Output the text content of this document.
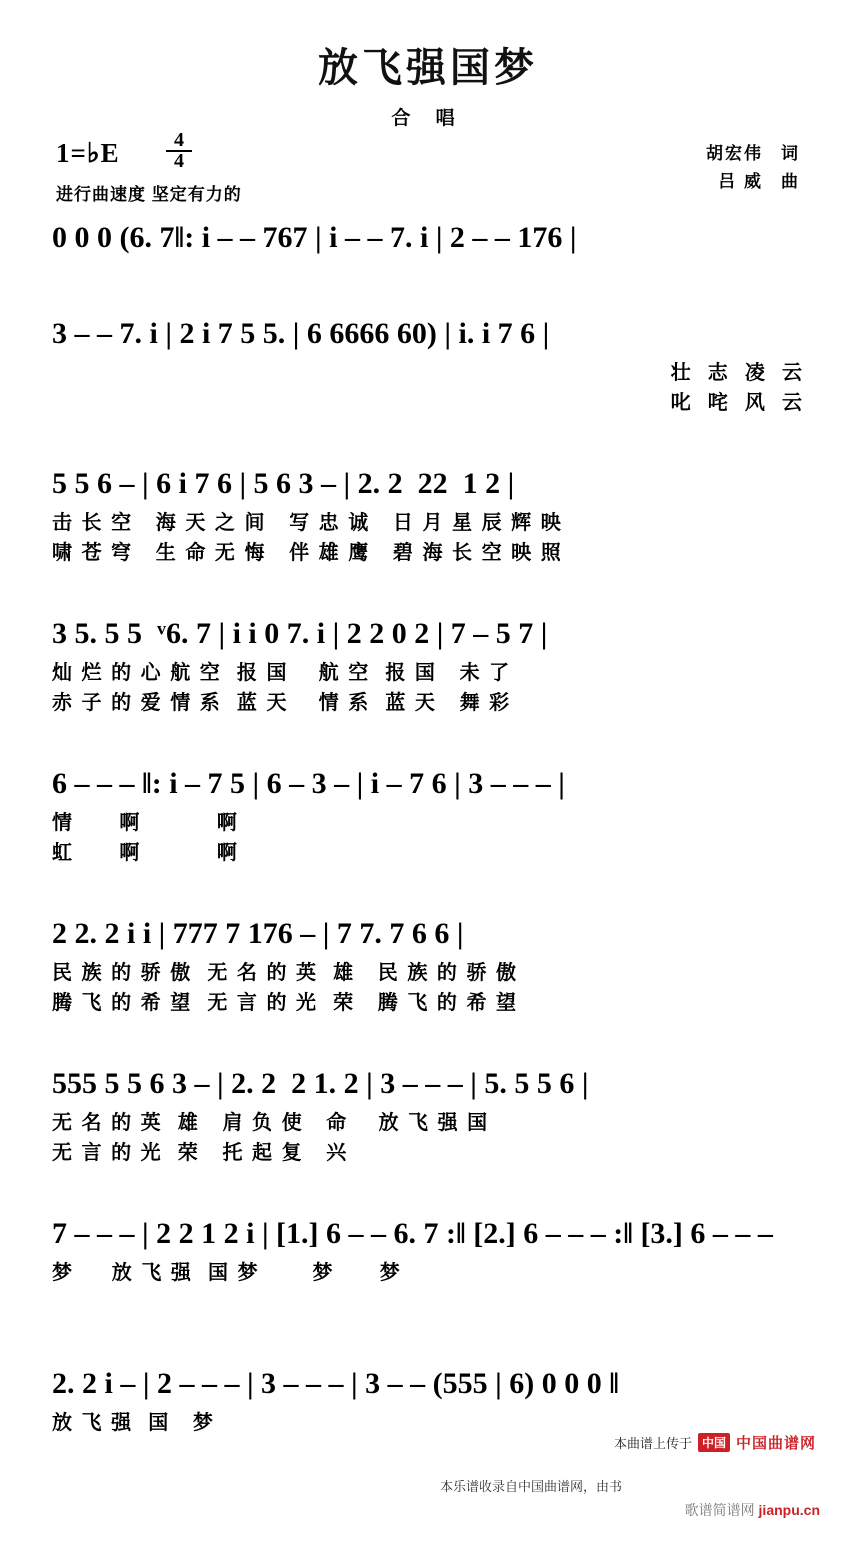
放飞强国梦
合 唱
1=♭E $\frac{4}{4}$
进行曲速度 坚定有力的
胡宏伟 词
吕 威 曲
0 0 0 (6. 7‖: i – – 767 | i – – 7. i | 2 – – 176 |
3 – – 7. i | 2 i 7 5 5. | 6 6666 60) | i. i 7 6 |
壮  志  凌  云
叱  咤  风  云
5 5 6 – | 6 i 7 6 | 5 6 3 – | 2. 2  22  1 2 |
击 长 空   海 天 之 间   写 忠 诚   日 月 星 辰 辉 映
啸 苍 穹   生 命 无 悔   伴 雄 鹰   碧 海 长 空 映 照
3 5. 5 5  ᵛ6. 7 | i i 0 7. i | 2 2 0 2 | 7 – 5 7 |
灿 烂 的 心 航 空  报 国    航 空  报 国   未 了
赤 子 的 爱 情 系  蓝 天    情 系  蓝 天   舞 彩
6 – – – ‖: i – 7 5 | 6 – 3 – | i – 7 6 | 3 – – – |
情      啊          啊
虹      啊          啊
2 2. 2 i i | 777 7 176 – | 7 7. 7 6 6 |
民 族 的 骄 傲  无 名 的 英  雄   民 族 的 骄 傲
腾 飞 的 希 望  无 言 的 光  荣   腾 飞 的 希 望
555 5 5 6 3 – | 2. 2  2 1. 2 | 3 – – – | 5. 5 5 6 |
无 名 的 英  雄   肩 负 使   命    放 飞 强 国
无 言 的 光  荣   托 起 复   兴
7 – – – | 2 2 1 2 i | [1.] 6 – – 6. 7 :‖ [2.] 6 – – – :‖ [3.] 6 – – –
梦     放 飞 强  国 梦       梦      梦
2. 2 i – | 2 – – – | 3 – – – | 3 – – (555 | 6) 0 0 0 ‖
放 飞 强  国   梦
本曲谱上传于 中国 中国曲谱网
本乐谱收录自中国曲谱网，由书
歌谱简谱网 jianpu.cn
